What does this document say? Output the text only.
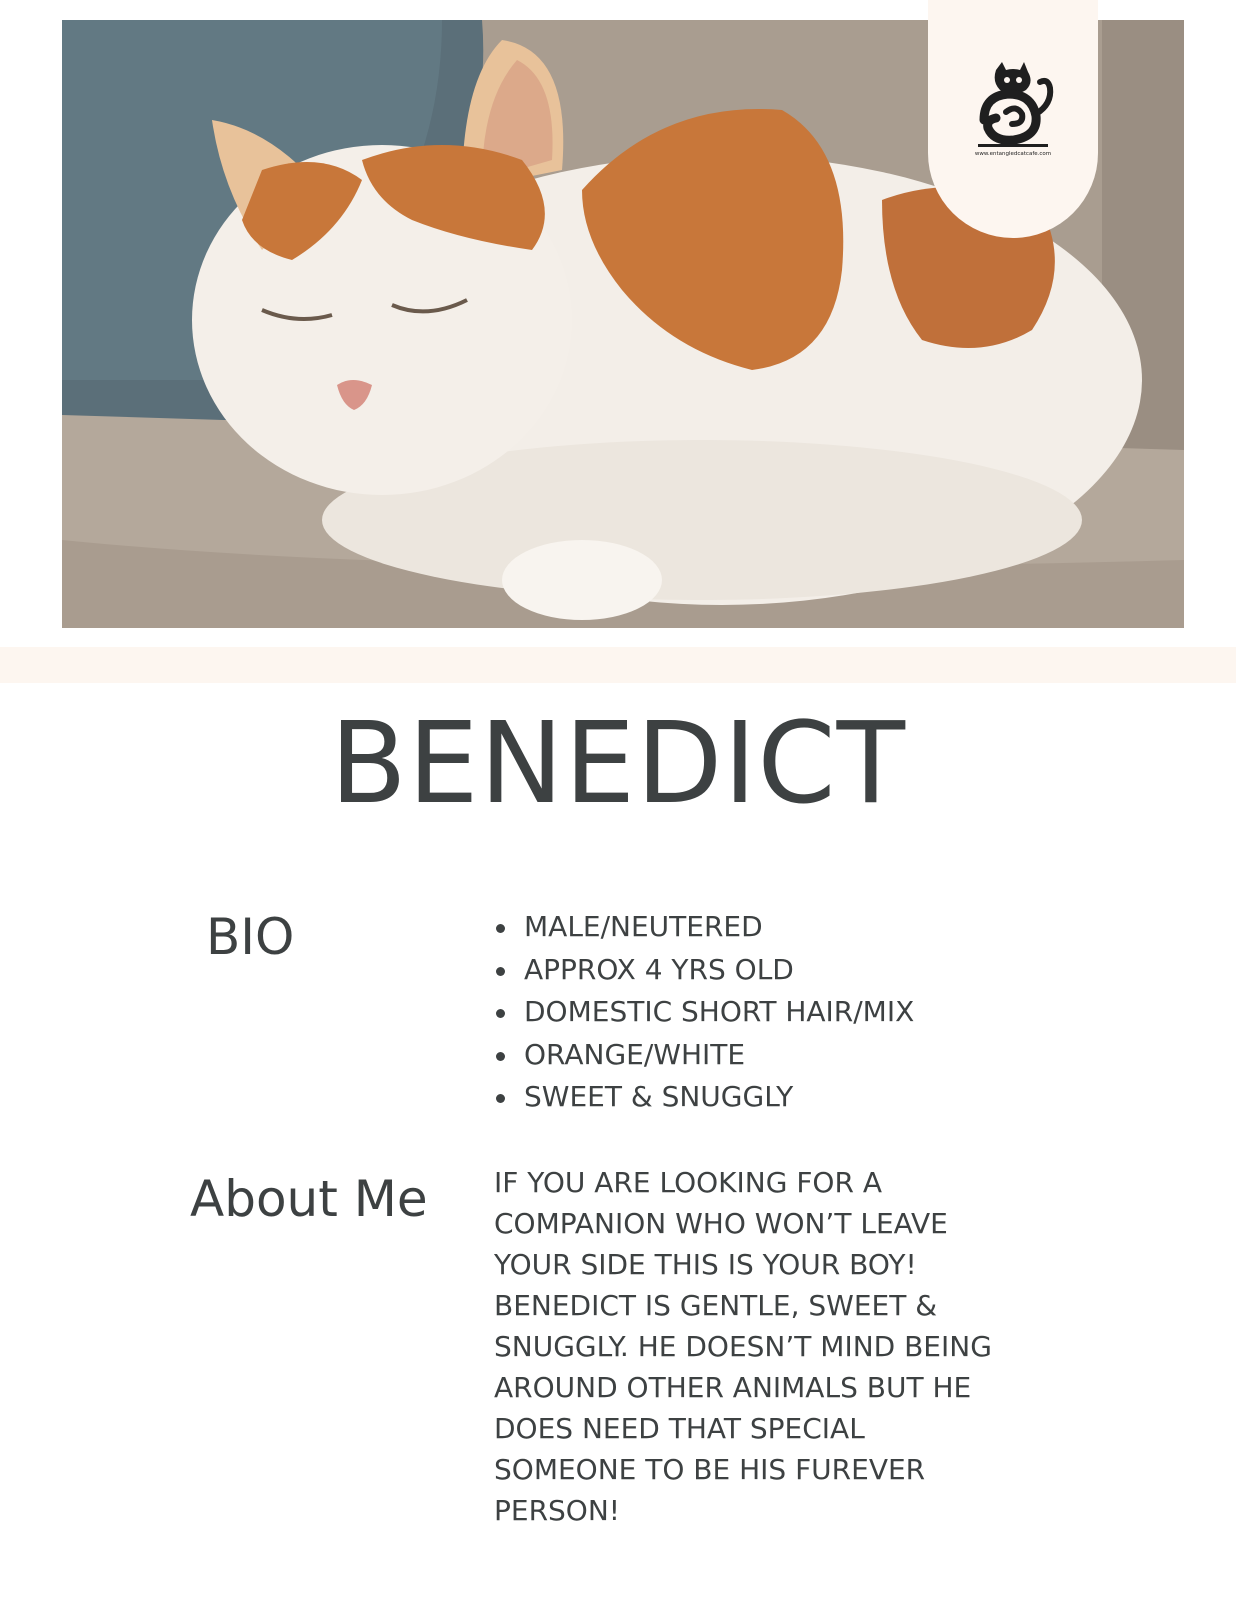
www.entangledcatcafe.com
BENEDICT
BIO	MALE/NEUTERED
APPROX 4 YRS OLD
DOMESTIC SHORT HAIR/MIX
ORANGE/WHITE
SWEET & SNUGGLY
About Me IF YOU ARE LOOKING FOR A
COMPANION WHO WON’T LEAVE
YOUR SIDE THIS IS YOUR BOY!
BENEDICT IS GENTLE, SWEET &
SNUGGLY. HE DOESN’T MIND BEING
AROUND OTHER ANIMALS BUT HE
DOES NEED THAT SPECIAL
SOMEONE TO BE HIS FUREVER
PERSON!
